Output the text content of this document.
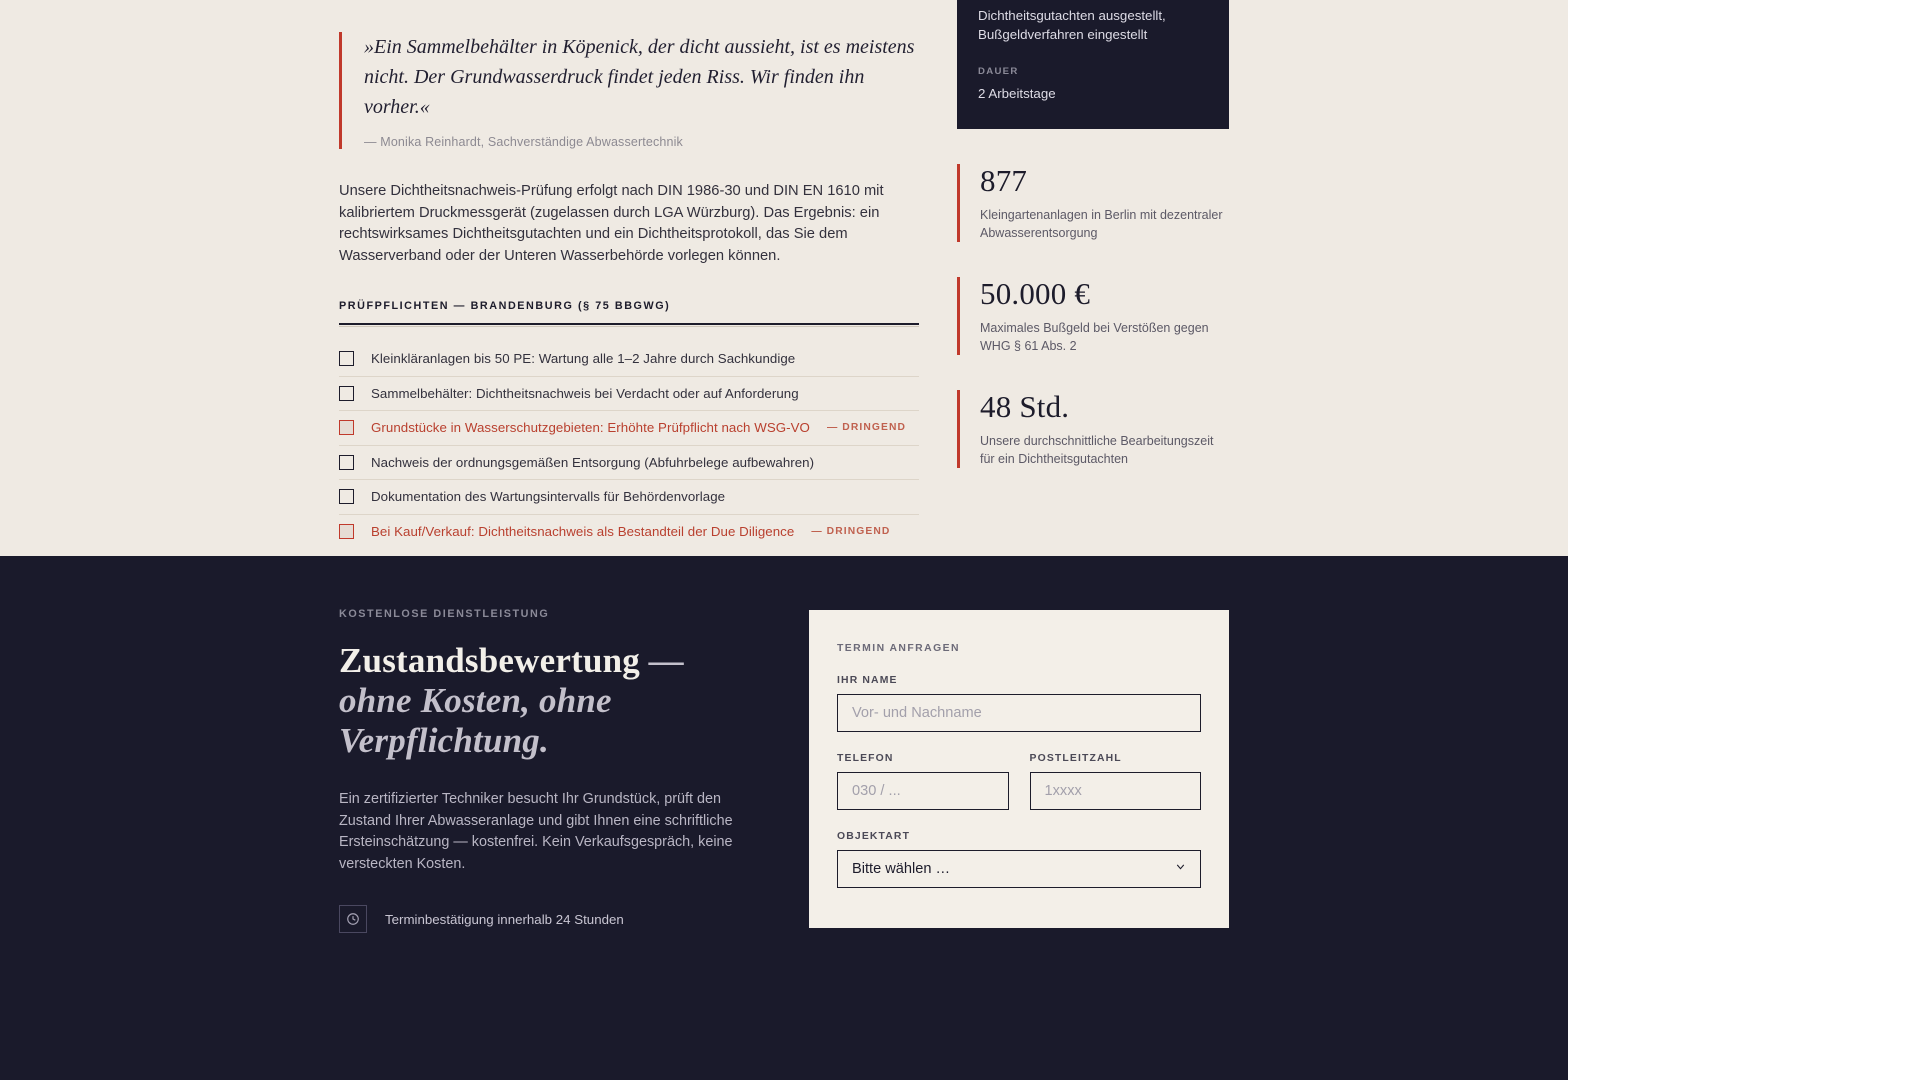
»Ein Sammelbehälter in Köpenick, der dicht aussieht, ist es meistens nicht. Der Grundwasserdruck findet jeden Riss. Wir finden ihn vorher.«
— Monika Reinhardt, Sachverständige Abwassertechnik

Unsere Dichtheitsnachweis-Prüfung erfolgt nach DIN 1986-30 und DIN EN 1610 mit kalibriertem Druckmessgerät (zugelassen durch LGA Würzburg). Das Ergebnis: ein rechtswirksames Dichtheitsgutachten und ein Dichtheitsprotokoll, das Sie dem Wasserverband oder der Unteren Wasserbehörde vorlegen können.

PRÜFPFLICHTEN — BRANDENBURG (§ 75 BBGWG)
Kleinkläranlagen bis 50 PE: Wartung alle 1–2 Jahre durch Sachkundige
Sammelbehälter: Dichtheitsnachweis bei Verdacht oder auf Anforderung
Grundstücke in Wasserschutzgebieten: Erhöhte Prüfpflicht nach WSG-VO — DRINGEND
Nachweis der ordnungsgemäßen Entsorgung (Abfuhrbelege aufbewahren)
Dokumentation des Wartungsintervalls für Behördenvorlage
Bei Kauf/Verkauf: Dichtheitsnachweis als Bestandteil der Due Diligence — DRINGEND
Dichtheitsgutachten ausgestellt, Bußgeldverfahren eingestellt
DAUER
2 Arbeitstage
877
Kleingartenanlagen in Berlin mit dezentraler Abwasserentsorgung
50.000 €
Maximales Bußgeld bei Verstößen gegen WHG § 61 Abs. 2
48 Std.
Unsere durchschnittliche Bearbeitungszeit für ein Dichtheitsgutachten
KOSTENLOSE DIENSTLEISTUNG
Zustandsbewertung — ohne Kosten, ohne Verpflichtung.

Ein zertifizierter Techniker besucht Ihr Grundstück, prüft den Zustand Ihrer Abwasseranlage und gibt Ihnen eine schriftliche Ersteinschätzung — kostenfrei. Kein Verkaufsgespräch, keine versteckten Kosten.

Terminbestätigung innerhalb 24 Stunden
TERMIN ANFRAGEN
IHR NAME
Vor- und Nachname
TELEFON
030 / ...	POSTLEITZAHL
1xxxx
OBJEKTART
Bitte wählen …
